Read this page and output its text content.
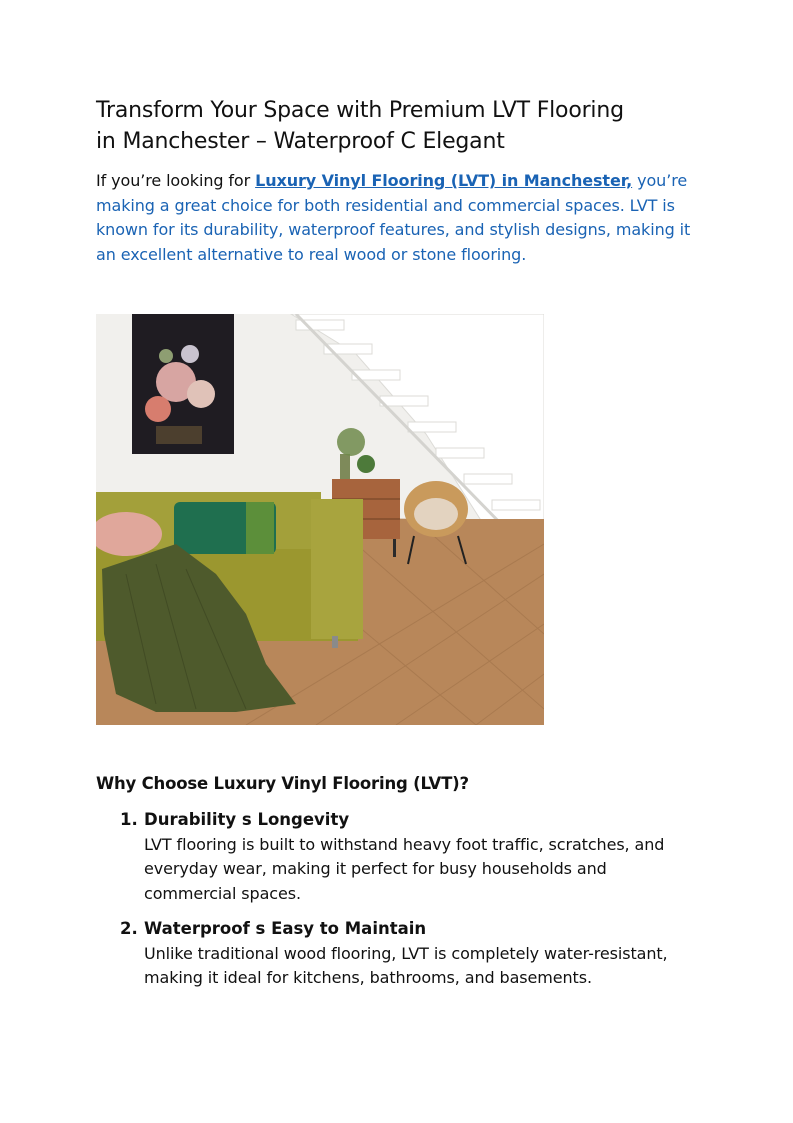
Transform Your Space with Premium LVT Flooring
in Manchester – Waterproof C Elegant

If you’re looking for Luxury Vinyl Flooring (LVT) in Manchester, you’re making a great choice for both residential and commercial spaces. LVT is known for its durability, waterproof features, and stylish designs, making it an excellent alternative to real wood or stone flooring.

Why Choose Luxury Vinyl Flooring (LVT)?
1. Durability s Longevity
LVT flooring is built to withstand heavy foot traffic, scratches, and everyday wear, making it perfect for busy households and commercial spaces.
2. Waterproof s Easy to Maintain
Unlike traditional wood flooring, LVT is completely water-resistant, making it ideal for kitchens, bathrooms, and basements.
